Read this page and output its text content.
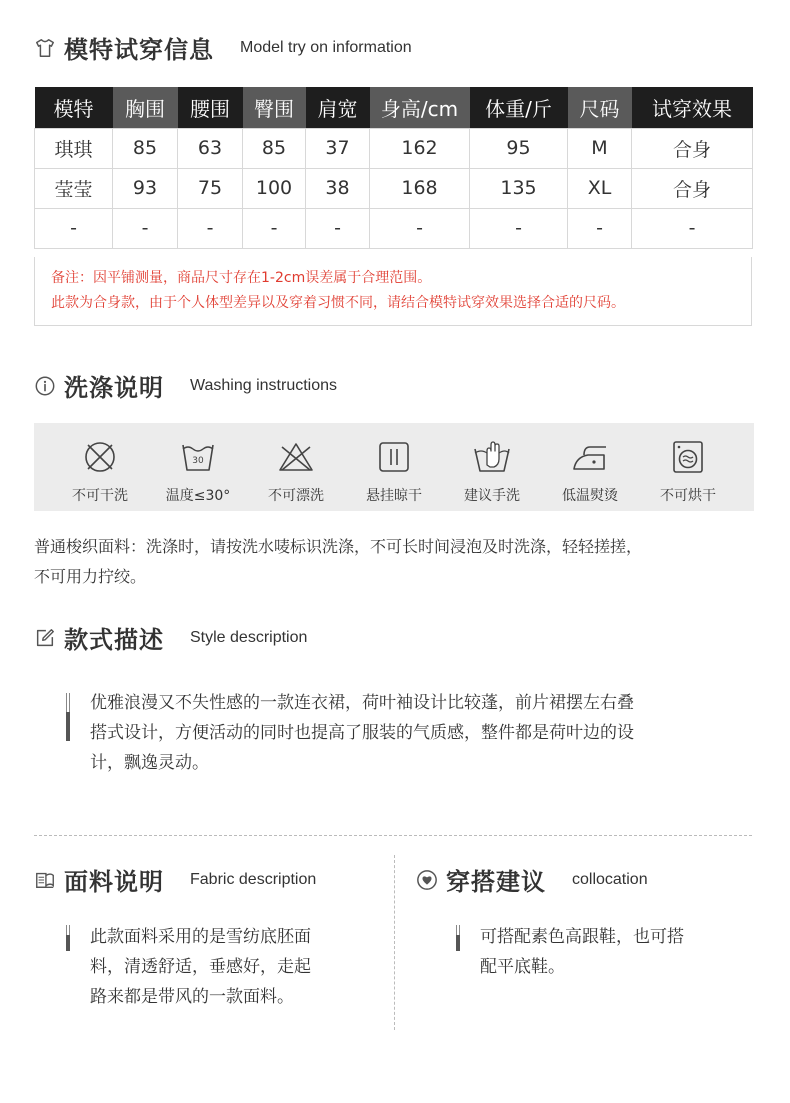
模特试穿信息 Model try on information
模特	胸围	腰围	臀围	肩宽	身高/cm	体重/斤	尺码	试穿效果
琪琪	85	63	85	37	162	95	M	合身
莹莹	93	75	100	38	168	135	XL	合身
-	-	-	-	-	-	-	-	-

备注：因平铺测量，商品尺寸存在1-2cm误差属于合理范围。

此款为合身款，由于个人体型差异以及穿着习惯不同，请结合模特试穿效果选择合适的尺码。

洗涤说明 Washing instructions
不可干洗
30
温度≤30°	不可漂洗	悬挂晾干	建议手洗	低温熨烫	不可烘干
普通梭织面料：洗涤时，请按洗水唛标识洗涤，不可长时间浸泡及时洗涤，轻轻搓搓，
不可用力拧绞。
款式描述 Style description
优雅浪漫又不失性感的一款连衣裙，荷叶袖设计比较蓬，前片裙摆左右叠
搭式设计，方便活动的同时也提高了服装的气质感，整件都是荷叶边的设
计，飘逸灵动。
面料说明 Fabric description
此款面料采用的是雪纺底胚面
料，清透舒适，垂感好，走起
路来都是带风的一款面料。
穿搭建议 collocation
可搭配素色高跟鞋，也可搭
配平底鞋。
